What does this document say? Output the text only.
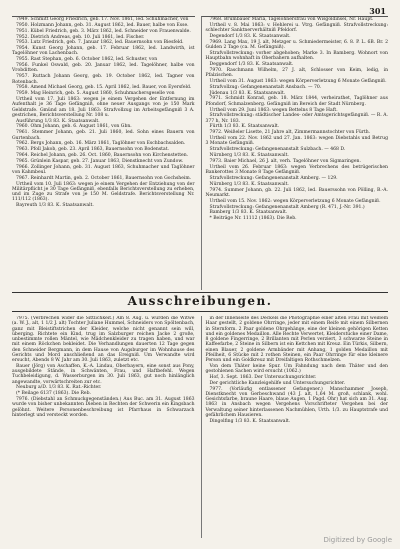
301

7949. Schmitt Georg Friedrich, geb. 17. Nov. 1861, led. Schuhmacher, von

7950. Holzmann Johann, geb. 31. August 1862, led. Bauer, halbe von Esse.

7951. Kübel Friedrich, geb. 3. März 1862, led. Schneider von Frauenwalde.

7952. Dietrich Andreas, geb. 10. Juli 1861, led. Fischer.

7953. Lutz Friedrich, geb. 7. Januar 1862, led. Bauernsohn von Biesfeld.

7954. Kunst Georg Johann, geb. 17. Februar 1862, led. Landwirth, ist Tagelöhner von Lachenbach.

7955. Rast Stephan, geb. 6. October 1862, led. Schuster, von

7956. Funkel Oswald, geb. 20. Januar 1862, led. Tagelöhner, halbe von Vrobditten.

7957. Ruttach Johann Georg, geb. 19. October 1862, led. Tagner von Rotenbach.

7958. Amend Michael Georg, geb. 15. April 1862, led. Bauer, von Eyersfeld.

7959. Mag Heinrich, geb. 5. August 1860, Schuhmachersgeselle von

Urtheil vom 17. Juli 1863: wegen je einem Vergehen der Entfernung im Aufenthalt je 36 Tage Gefängniß, ohne neuer Ausgangs von je 150 Mark Geldstrafe. Gmünd am 18. Juli 1863: Strafvollzug im Arbeitsgefängniß 3 A. gestrichen, Berichtsverstellung Nr. 108 u.

Ausführung 1/3 83. K. Staatsanwalt.

7960. Ohm Johann, geb. 6. August 1861, von Gbn.

7961. Stemmer Johann, geb. 21. Juli 1860, led. Sohn eines Bauern von Gurtenbach.

7962. Bergs Johann, geb. 16. März 1861, Taglöhner von Eschbachsalden.

7963. Pfoll Jakob, geb. 23. April 1863, Bauernsohn von Bodenstat.

7964. Reichel Johann, geb. 26. Oct. 1860, Bauernsohn von Kirchenstetten.

7965. Grünlein Kaspar, geb. 27. Januar 1863, Dienstknecht von Zundow.

7966. Zollinger Johann, geb. 31. August 1863, Schuhmacher und Taglöhner von Kahmbeul.

7967. Reinhardt Martin, geb. 2. October 1861, Bauernsohn von Gochsheim.

Urtheil vom 10. Juli 1863: wegen je einem Vergehen der Entziehung von der Militärpflicht je 30 Tage Gefängniß, ebenfalls Berichtsverstellung zu erheben, und im Zuge zu Strafe von je 150 M. Geldstrafe. Berichtsverstellung Nr. 111/112 (1863).

Bayreuth 1/3 83. K. Staatsanwalt.

7968. Brumbauer Maria, Tagelöhnersfrau von Wisgoldinsel, Nr. Haupt.

Urtheil v. 8. Mai 1863: v. Hehlerei u. Vtrg. Gefängniß. Strafvollstreckung: schlechter Sanktnerverhältniß Pfeldorf.

Degendorf 1/3 83. K. Staatsanwalt.

7969. Lang Max, 19 J. alt, Metzger u. Schmiedermeister, 6. 8. P. L. 6B. Br. 2 Gulden 2 Tage (ca. M. Gefängniß).

Strafvollstreckung: vorher abgehoben; Marke 3. In Bamberg. Wohnort von Hauptbahn wohnhaft in Oberbahern aufhalten.

Deggendorf 1/3 83. K. Staatsanwalt.

7970. Raschmann Wilhelm, 27 J. alt, Schlosser von Keim, ledig, in Pfalzischen.

Urtheil vom 31. August 1863: wegen Körperverletzung 6 Monate Gefängniß.

Strafvollzug: Gefangenenanstalt Ansbach. — 70.

Jüdenau 1/3 83. K. Staatsanwalt.

7971. Schmidt Konrad, geb. 18. März 1844, verheirathet, Taglöhner aus Pfondorf, Schmalzenberg. Gefängniß im Bereich der Stadt Nürnberg.

Urtheil vom 29. Juni 1863: wegen Bettelns 8 Tage Haft.

Strafvollstreckung: städtischer Landes- oder Amtsgerichtsgefängniß. — R. A. 377 h, Nr. 183.

Fürth 1/3 83. K. Staatsanwalt.

7972. Weißeler Lisette, 21 Jahre alt, Zimmermannstochter von Fürth.

Urtheil vom 22. Nov. 1862 und 27. Jan. 1863: wegen Diebstahls und Betrug 3 Monate Gefängniß.

Strafvollstreckung: Gefangenenanstalt Sulzbach. — 468 D.

Nürnberg 1/3 83. K. Staatsanwalt.

7973. Baier Michael, 26 J. alt, verh. Tagelöhner von Sigmaringen.

Urtheil vom 26. Februar 1863: wegen Verbrechens des betrügerischen Bankerottes 3 Monate 8 Tage Gefängniß.

Strafvollstreckung: Gefangenenanstalt Amberg. — 129.

Nürnberg 1/3 83. K. Staatsanwalt.

7974. Summer Johann, gb. 22. Juli 1862, led. Bauerssohn von Pölling, B.-A. Neumarkt.

Urtheil vom 15. Nov. 1862: wegen Körperverletzung 6 Monate Gefängniß.

Strafvollstreckung: Gefangenenanstalt Amberg (R. 471, J.-Nr. 391.)

Bamberg 1/3 83. K. Staatsanwalt.

* Beiträge Nr. 11112 (1863). Die Reb.

Ausschreibungen.

7975. (Verbrechen wider die Sittlichkeit.) Am 8. Aug. u. wurden die Witwe (a. W. J., alt, 1 1/2 J. alt) Tochter Juliane Hummel, Schneiders von Spöltenbach, ganz mit Bleistiftstrichen der Kleider, welche nicht genannt sein will, überging. Richtete ein Kind, trug im Salzburger reichen Jacke 2 große, unbestimmte rollen Mäntel, wie Mädchenkleider zu tragen haben, und war mit einem Röckchen bekleidet. Die Verhandlungen dauerten 12 Tage gegen den Schneider Bergmann, in dem Hause von Augsburger im Wohnhause des Gerichts und Mord anschließend an das Ereigniß. Um Verwandte wird ersucht, Abends 8 W. Jahr am 30. Juli 1863, zuletzt etc.

Bauer (Jörg) von Aschaffen, K.-A. Lindau, Oberbayern, eine sonst aus Pony, ausgebildete Stände, in Schwänten, Frau, und Haftbefehl. Wegen Tuchbeleidigung, d. Wasserburgen im 30. Juli 1863, gut noch hinlänglich angewandte, vorwärtschreiten zur etc.

Neuburg a/D. 1/3 83. K. Rat.-Richter.

(* Beilage 6137 (1863). Die Reb.

7976. (Diebstahl an Schmuckgegenständen.) Aus Buc. am 31. August 1863 wurde von bisher unbekannten Dieben in Rechten der Schwerin ein Kingsbach gelöhnt. Weitere Personenbeschreibung ist Pfarrhaus in Schwarzach hinterlegt und versteckt worden.

in der Innenseite des Deckels die Photographie einer alten Frau mit weißem Haar gestellt, 2 goldene Ohrringe, jeder mit einem Reife mit einem Silbernen in Sternform. 2 Paar goldene Ohrgehänge, eine der kleinen gehörigen Ketten und ein goldenes Medaillon. Alle Rechte Verwertet, Kleiderstücke einer Dame, 8 goldene Fingerringe, 2 Brillanten mit Perlen verziert, 3 schwarze Steine in Kaffeefarbe, 2 Steine in Silbern ist ein Kettchen mit Kreuz. Ein Türkis, Silbern, einen Blauer, 2 goldene Armbänder mit Anhang, 1 golden Medaillon mit Pfeilheit, 6 Stücke mit 2 rothen Steinen, ein Paar Ohrringe für eine kleinere Person und ein Goldkreuz mit Dreifaltigen Rothschmelzen.

Von dem Thäter keine Spur. Um Fahndung nach dem Thäter und den gestohlenen Sachen wird ersucht (1062.)

Hof, 3. Sept. 1863. Der Untersuchungsrichter.

Der gerichtliche Kanzleigehilfe und Untersuchungsrichter.

7977. (Vorläufig entlassener Gefangener.) Manschammer Joseph, Dienstknecht von Gerbeschwand (43 J. alt, 1,64 M. groß, schlank, wohl. Gesichtsfarbe, braune Haare, blaue Augen, 1 Pagd. Ohr) hat sich am 31. Aug. 1863 in Ansbach wegen Vergehens Vorschrifteter Vergehen bei der Verwaltung seiner hinterlassenen Nachmühlen, Urth. 1/3. zu Hauptstrafe und gefährlichem Hausieren.

Dingolfing 1/3 83. K. Staatsanwalt.

Digitized by Google
